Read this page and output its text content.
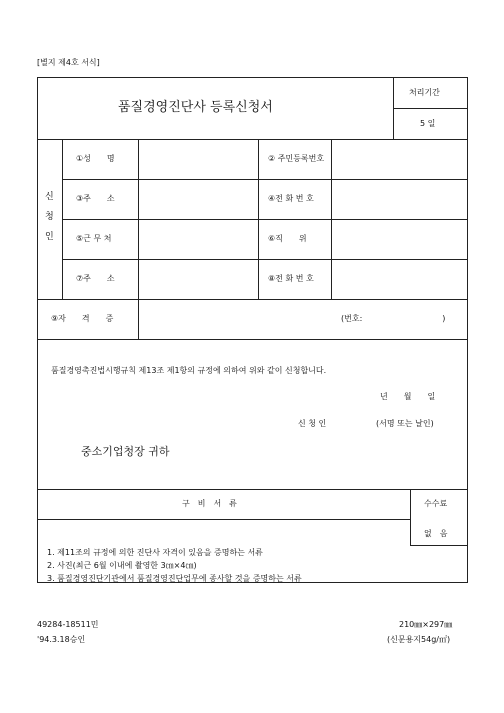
[별지 제4호 서식]
품질경영진단사 등록신청서
처리기간
5 일
신
청
인
①성　　명	② 주민등록번호
③주　　소	④전 화 번 호
⑤근 무 처	⑥직　　위
⑦주　　소	⑧전 화 번 호
⑨자　　격　　증	(번호:　　　　　　　　　　)
품질경영촉진법시행규칙 제13조 제1항의 규정에 의하여 위와 같이 신청합니다.
년　　월　　일
신 청 인	(서명 또는 날인)
중소기업청장 귀하
구　비　서　류	수수료
없　음
1. 제11조의 규정에 의한 진단사 자격이 있음을 증명하는 서류
2. 사진(최근 6월 이내에 촬영한 3㎝×4㎝)
3. 품질경영진단기관에서 품질경영진단업무에 종사할 것을 증명하는 서류
49284-18511민
'94.3.18승인
210㎜×297㎜
(신문용지54g/㎡)
